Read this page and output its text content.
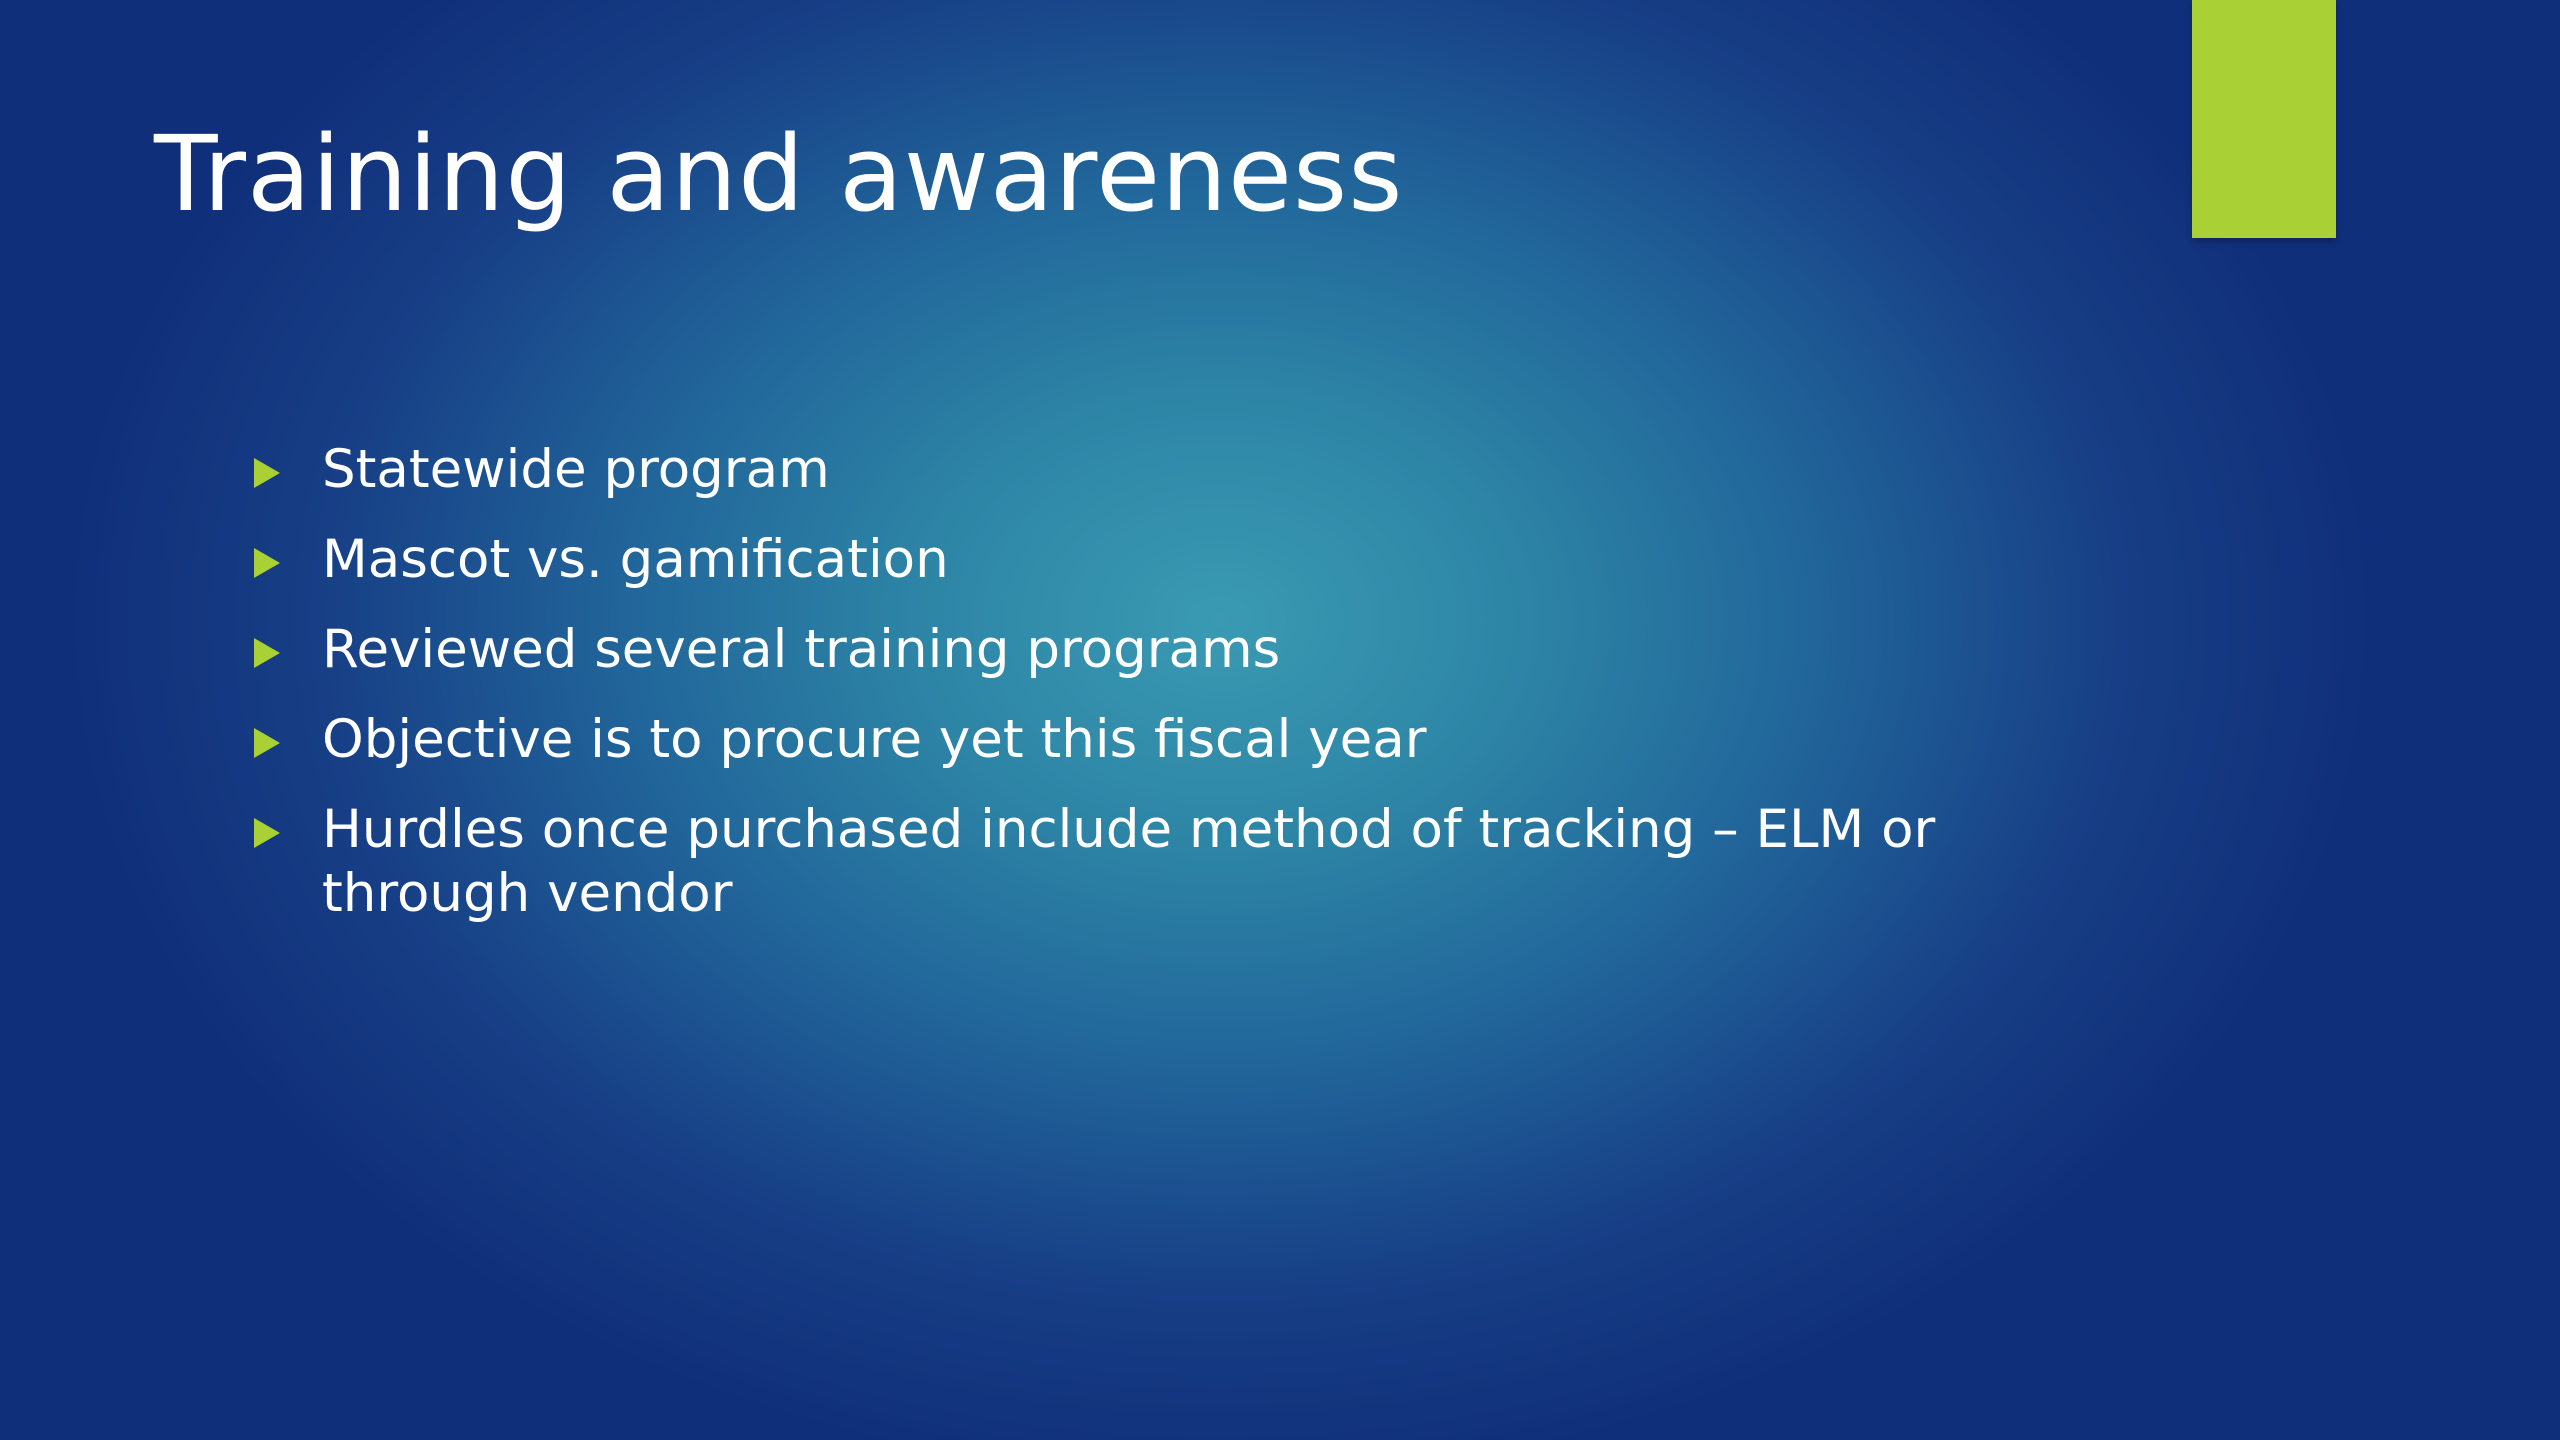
Training and awareness
Statewide program
Mascot vs. gamification
Reviewed several training programs
Objective is to procure yet this fiscal year
Hurdles once purchased include method of tracking – ELM or through vendor
